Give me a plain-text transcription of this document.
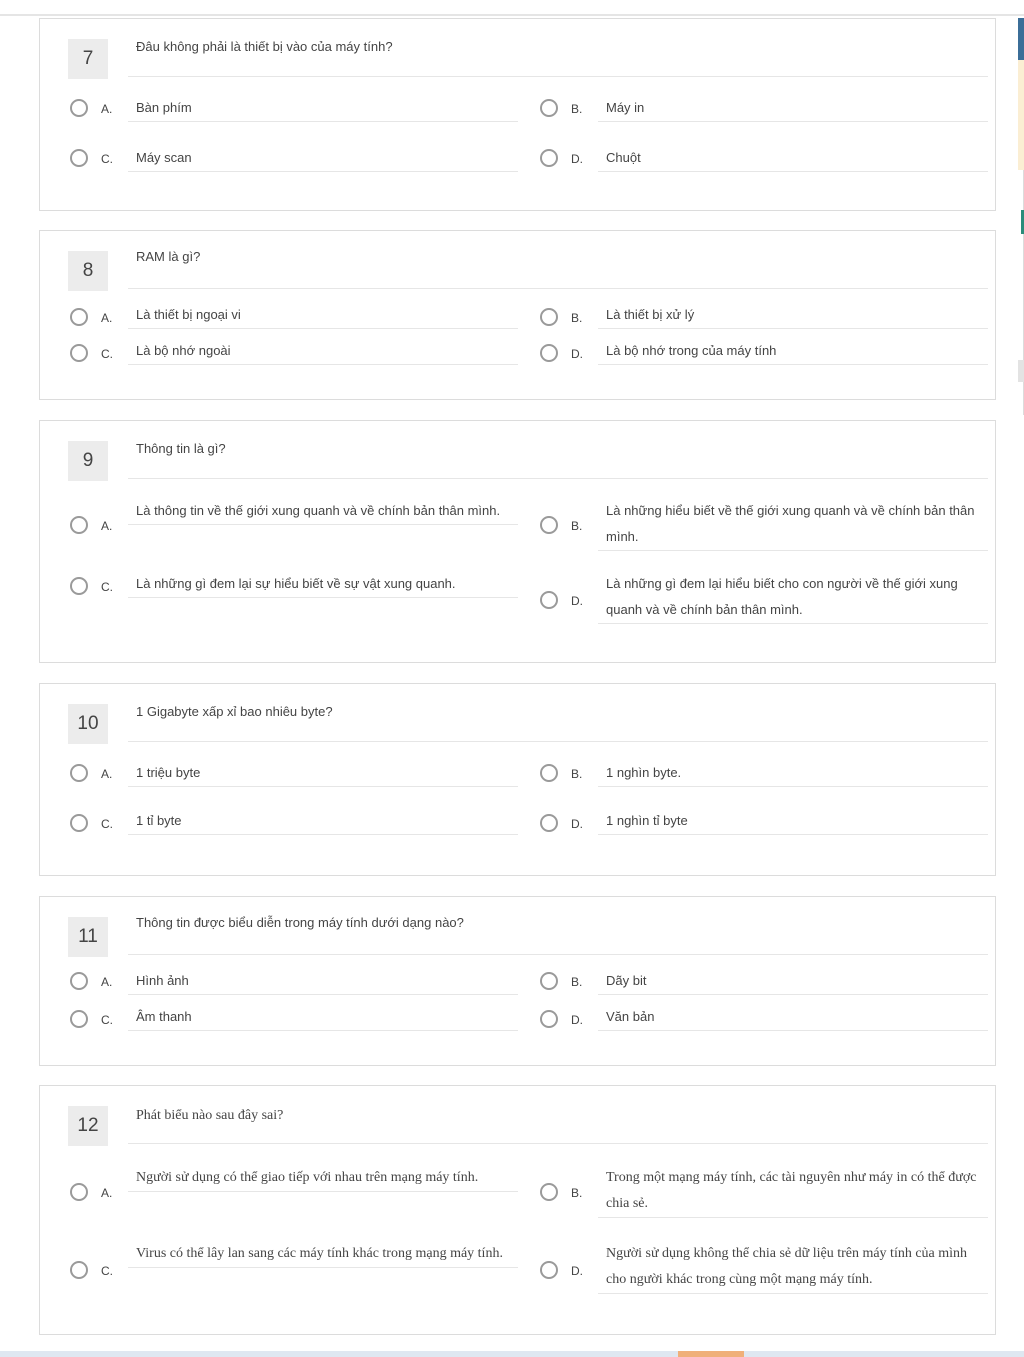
7
Đâu không phải là thiết bị vào của máy tính?
A.	Bàn phím	B.	Máy in
C.	Máy scan	D.	Chuột
8
RAM là gì?
A.	Là thiết bị ngoại vi	B.	Là thiết bị xử lý
C.	Là bộ nhớ ngoài	D.	Là bộ nhớ trong của máy tính
9
Thông tin là gì?
A.
Là thông tin về thế giới xung quanh và về chính bản thân mình.
B.
Là những hiểu biết về thế giới xung quanh và về chính bản thân mình.
C.	Là những gì đem lại sự hiểu biết về sự vật xung quanh.
D.
Là những gì đem lại hiểu biết cho con người về thế giới xung quanh và về chính bản thân mình.
10
1 Gigabyte xấp xỉ bao nhiêu byte?
A.	1 triệu byte	B.	1 nghìn byte.
C.	1 tỉ byte	D.	1 nghìn tỉ byte
11
Thông tin được biểu diễn trong máy tính dưới dạng nào?
A.	Hình ảnh	B.	Dãy bit
C.	Âm thanh	D.	Văn bản
12	Phát biểu nào sau đây sai?
A.
Người sử dụng có thể giao tiếp với nhau trên mạng máy tính.
B.
Trong một mạng máy tính, các tài nguyên như máy in có thể được chia sẻ.
C.
Virus có thể lây lan sang các máy tính khác trong mạng máy tính.
D.
Người sử dụng không thể chia sẻ dữ liệu trên máy tính của mình cho người khác trong cùng một mạng máy tính.
